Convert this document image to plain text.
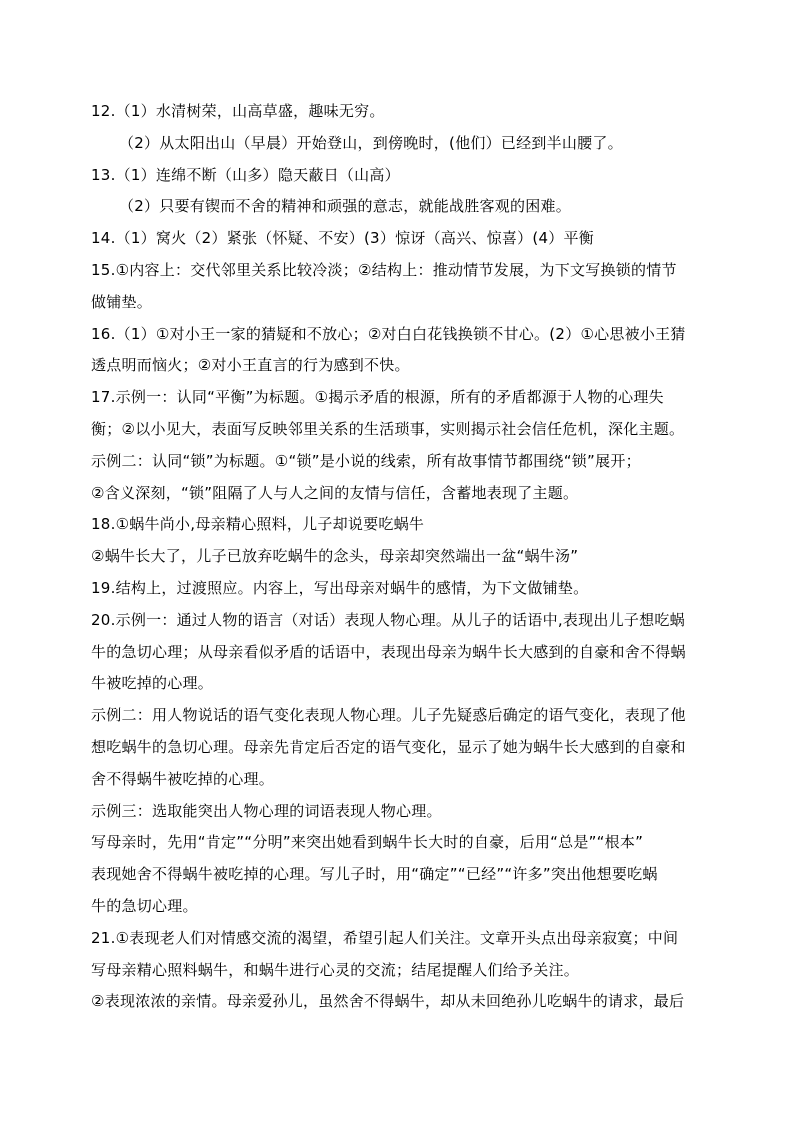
12.（1）水清树荣，山高草盛，趣味无穷。
（2）从太阳出山（早晨）开始登山，到傍晚时，(他们）已经到半山腰了。
13.（1）连绵不断（山多）隐天蔽日（山高）
（2）只要有锲而不舍的精神和顽强的意志，就能战胜客观的困难。
14.（1）窝火（2）紧张（怀疑、不安）(3）惊讶（高兴、惊喜）(4）平衡
15.①内容上：交代邻里关系比较冷淡；②结构上：推动情节发展，为下文写换锁的情节
做铺垫。
16.（1）①对小王一家的猜疑和不放心；②对白白花钱换锁不甘心。(2）①心思被小王猜
透点明而恼火；②对小王直言的行为感到不快。
17.示例一：认同“平衡”为标题。①揭示矛盾的根源，所有的矛盾都源于人物的心理失
衡；②以小见大，表面写反映邻里关系的生活琐事，实则揭示社会信任危机，深化主题。
示例二：认同“锁”为标题。①“锁”是小说的线索，所有故事情节都围绕“锁”展开；
②含义深刻，“锁”阻隔了人与人之间的友情与信任，含蓄地表现了主题。
18.①蜗牛尚小,母亲精心照料，儿子却说要吃蜗牛
②蜗牛长大了，儿子已放弃吃蜗牛的念头，母亲却突然端出一盆“蜗牛汤”
19.结构上，过渡照应。内容上，写出母亲对蜗牛的感情，为下文做铺垫。
20.示例一：通过人物的语言（对话）表现人物心理。从儿子的话语中,表现出儿子想吃蜗
牛的急切心理；从母亲看似矛盾的话语中，表现出母亲为蜗牛长大感到的自豪和舍不得蜗
牛被吃掉的心理。
示例二：用人物说话的语气变化表现人物心理。儿子先疑惑后确定的语气变化，表现了他
想吃蜗牛的急切心理。母亲先肯定后否定的语气变化，显示了她为蜗牛长大感到的自豪和
舍不得蜗牛被吃掉的心理。
示例三：选取能突出人物心理的词语表现人物心理。
写母亲时，先用“肯定”“分明”来突出她看到蜗牛长大时的自豪，后用“总是”“根本”
表现她舍不得蜗牛被吃掉的心理。写儿子时，用“确定”“已经”“许多”突出他想要吃蜗
牛的急切心理。
21.①表现老人们对情感交流的渴望，希望引起人们关注。文章开头点出母亲寂寞；中间
写母亲精心照料蜗牛，和蜗牛进行心灵的交流；结尾提醒人们给予关注。
②表现浓浓的亲情。母亲爱孙儿，虽然舍不得蜗牛，却从未回绝孙儿吃蜗牛的请求，最后
